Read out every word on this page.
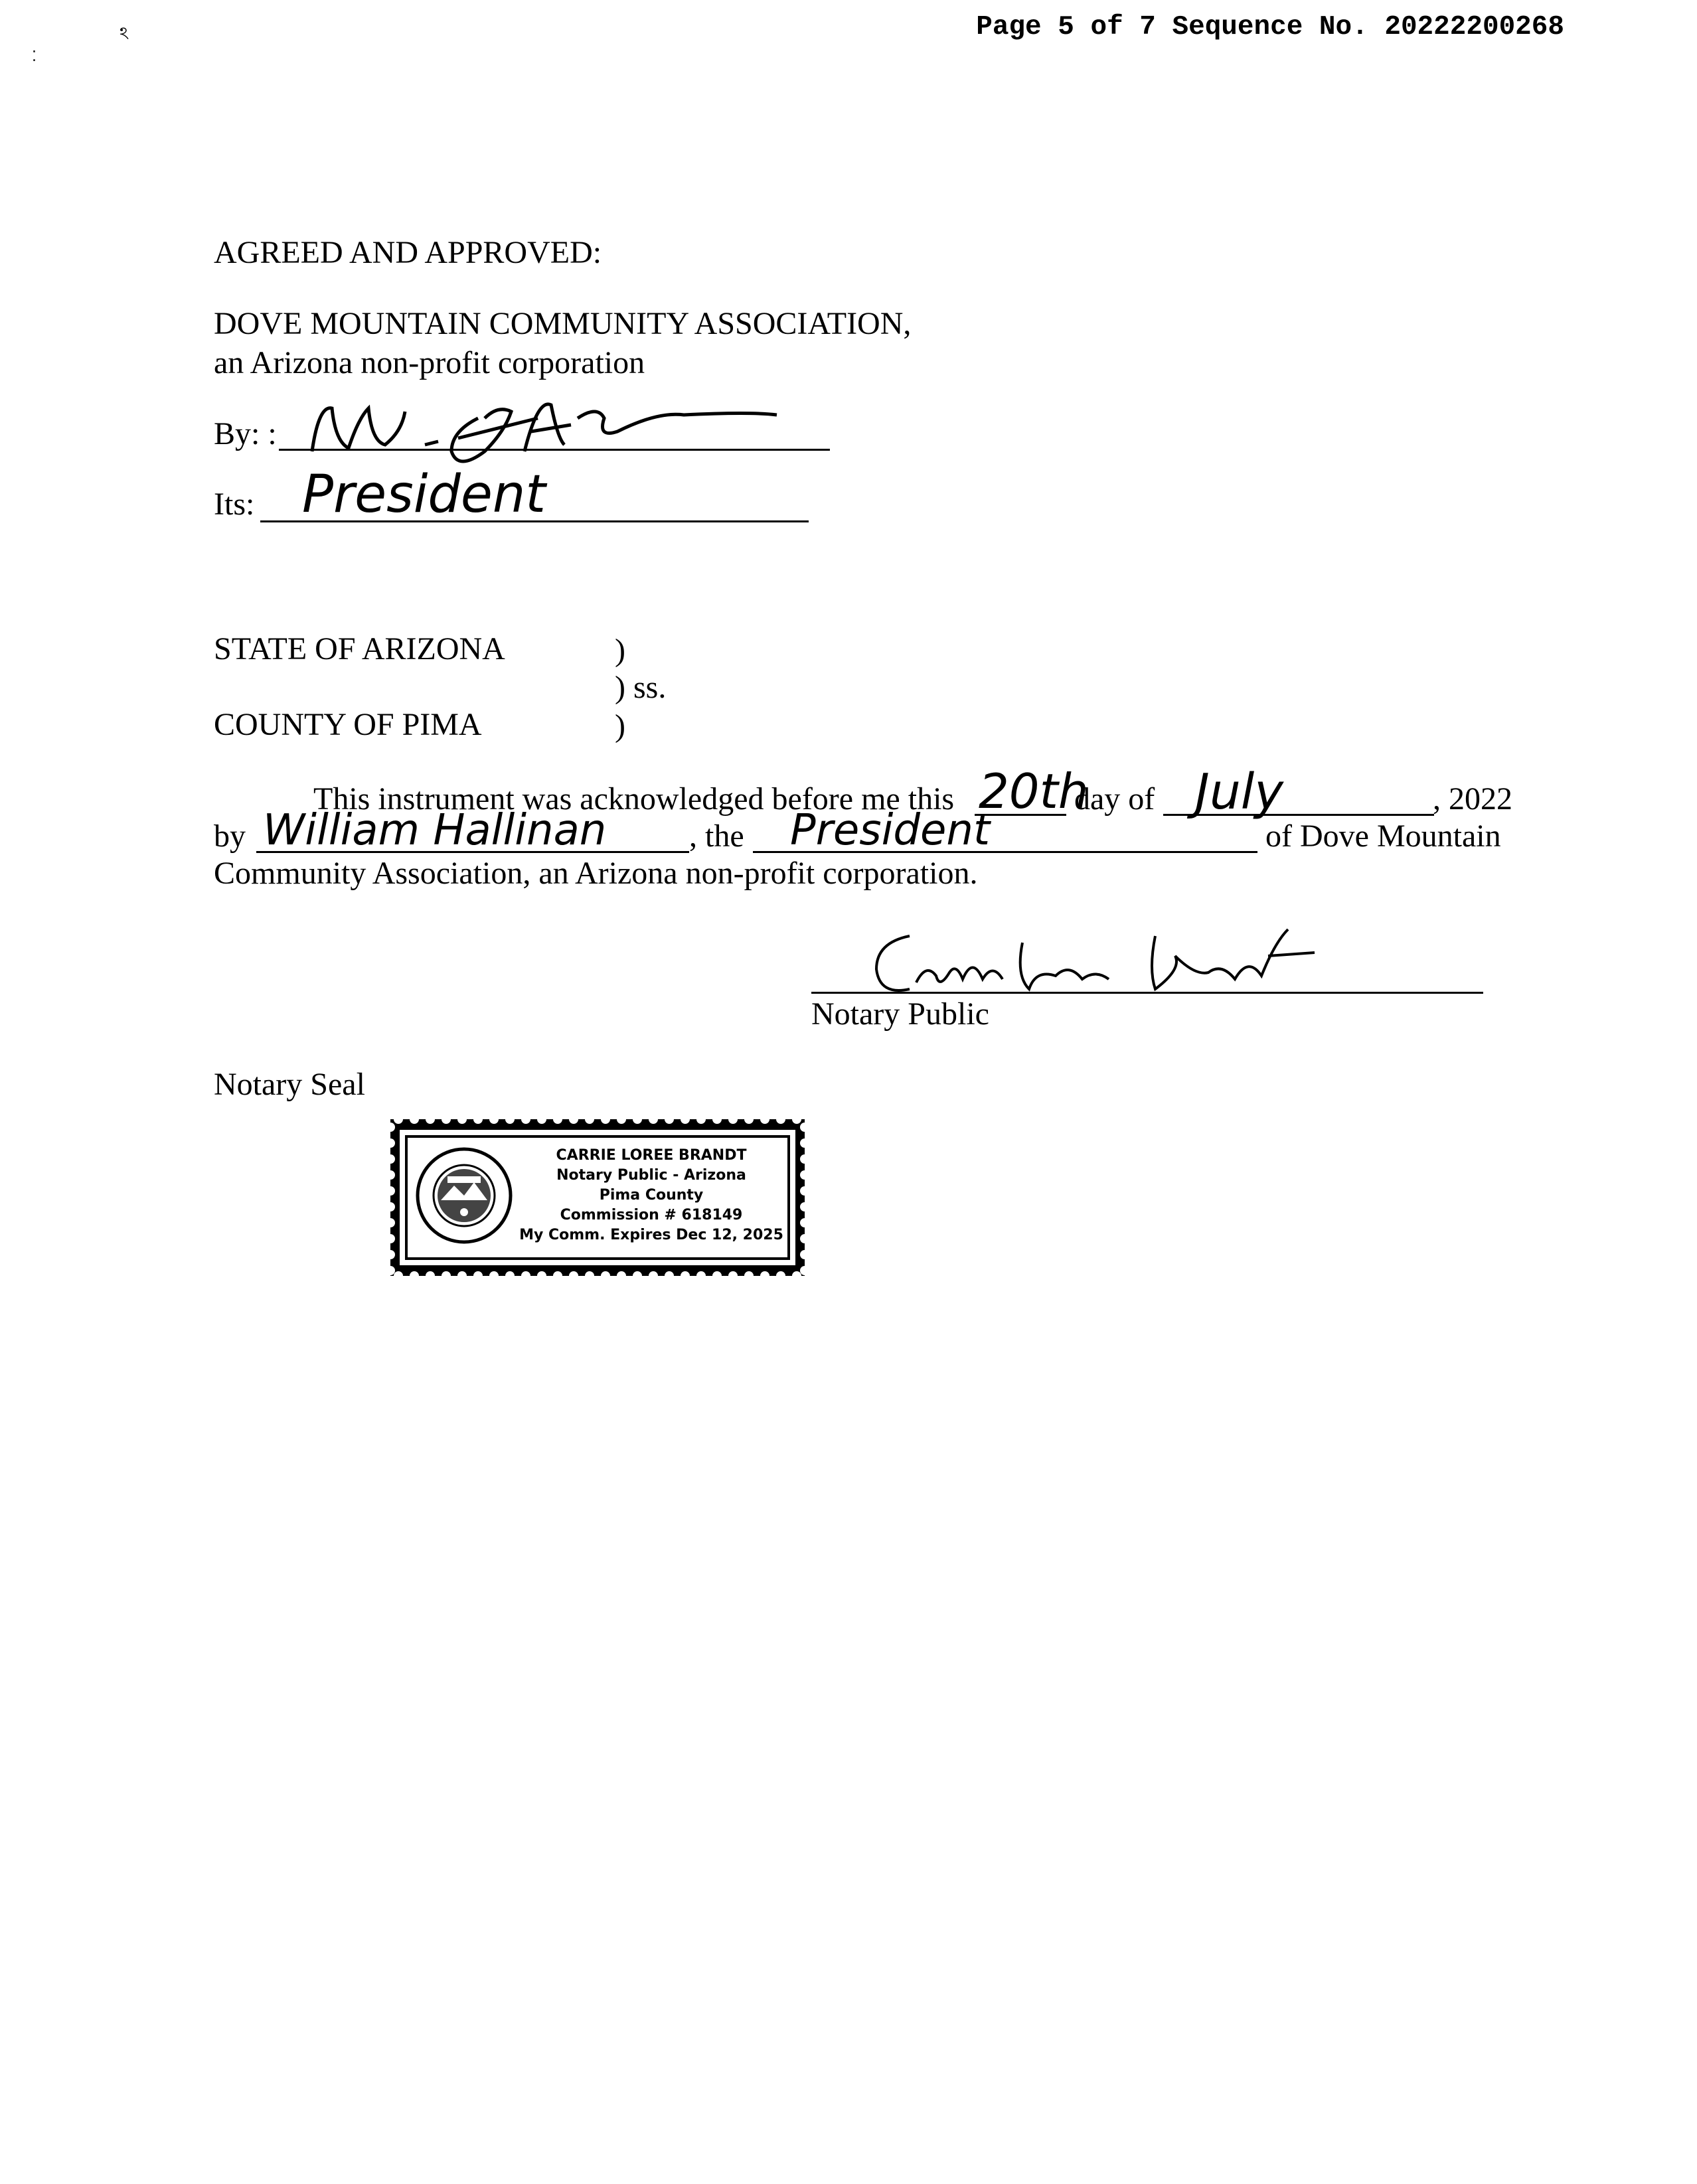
Page 5 of 7 Sequence No. 20222200268
ঽ
⁚
AGREED AND APPROVED:
DOVE MOUNTAIN COMMUNITY ASSOCIATION,
an Arizona non-profit corporation
By: :
Its: President
STATE OF ARIZONA	)
) ss.
COUNTY OF PIMA	)
This instrument was acknowledged before me this 20th
day of July	, 2022
by William Hallinan	, the President	of Dove Mountain
Community Association, an Arizona non-profit corporation.
Notary Public
Notary Seal
CARRIE LOREE BRANDT
Notary Public - Arizona
Pima County
Commission # 618149
My Comm. Expires Dec 12, 2025
